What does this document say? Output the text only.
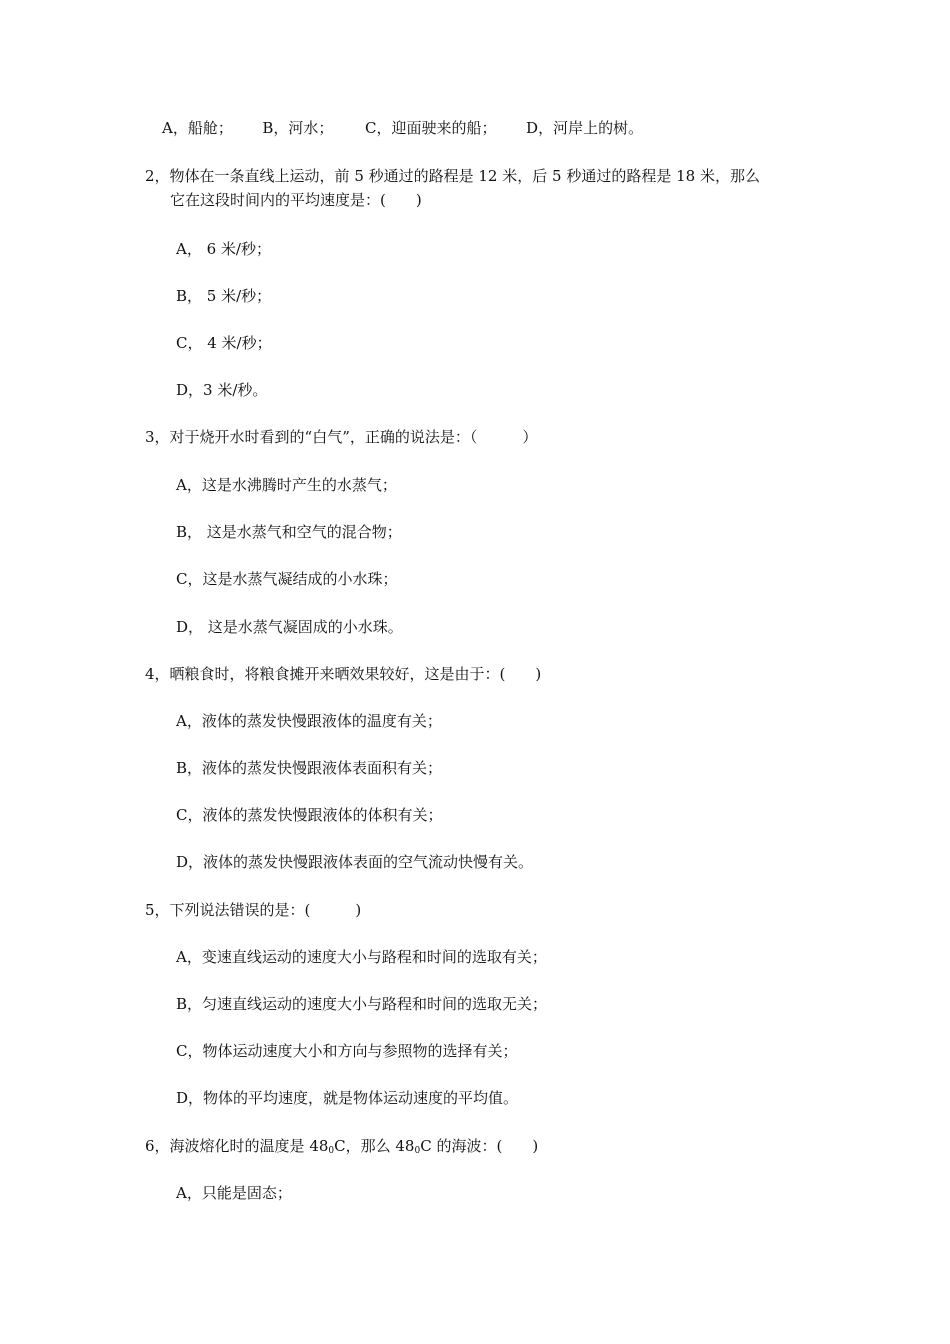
A，船舱； B，河水； C，迎面驶来的船； D，河岸上的树。
2，物体在一条直线上运动，前 5 秒通过的路程是 12 米，后 5 秒通过的路程是 18 米，那么
它在这段时间内的平均速度是：(　　)
A， 6 米/秒；
B， 5 米/秒；
C， 4 米/秒；
D，3 米/秒。
3，对于烧开水时看到的“白气”，正确的说法是：（　　　）
A，这是水沸腾时产生的水蒸气；
B， 这是水蒸气和空气的混合物；
C，这是水蒸气凝结成的小水珠；
D， 这是水蒸气凝固成的小水珠。
4，晒粮食时，将粮食摊开来晒效果较好，这是由于：(　　)
A，液体的蒸发快慢跟液体的温度有关；
B，液体的蒸发快慢跟液体表面积有关；
C，液体的蒸发快慢跟液体的体积有关；
D，液体的蒸发快慢跟液体表面的空气流动快慢有关。
5，下列说法错误的是：(　　　)
A，变速直线运动的速度大小与路程和时间的选取有关；
B，匀速直线运动的速度大小与路程和时间的选取无关；
C，物体运动速度大小和方向与参照物的选择有关；
D，物体的平均速度，就是物体运动速度的平均值。
6，海波熔化时的温度是 480C，那么 480C 的海波：(　　)
A，只能是固态；
